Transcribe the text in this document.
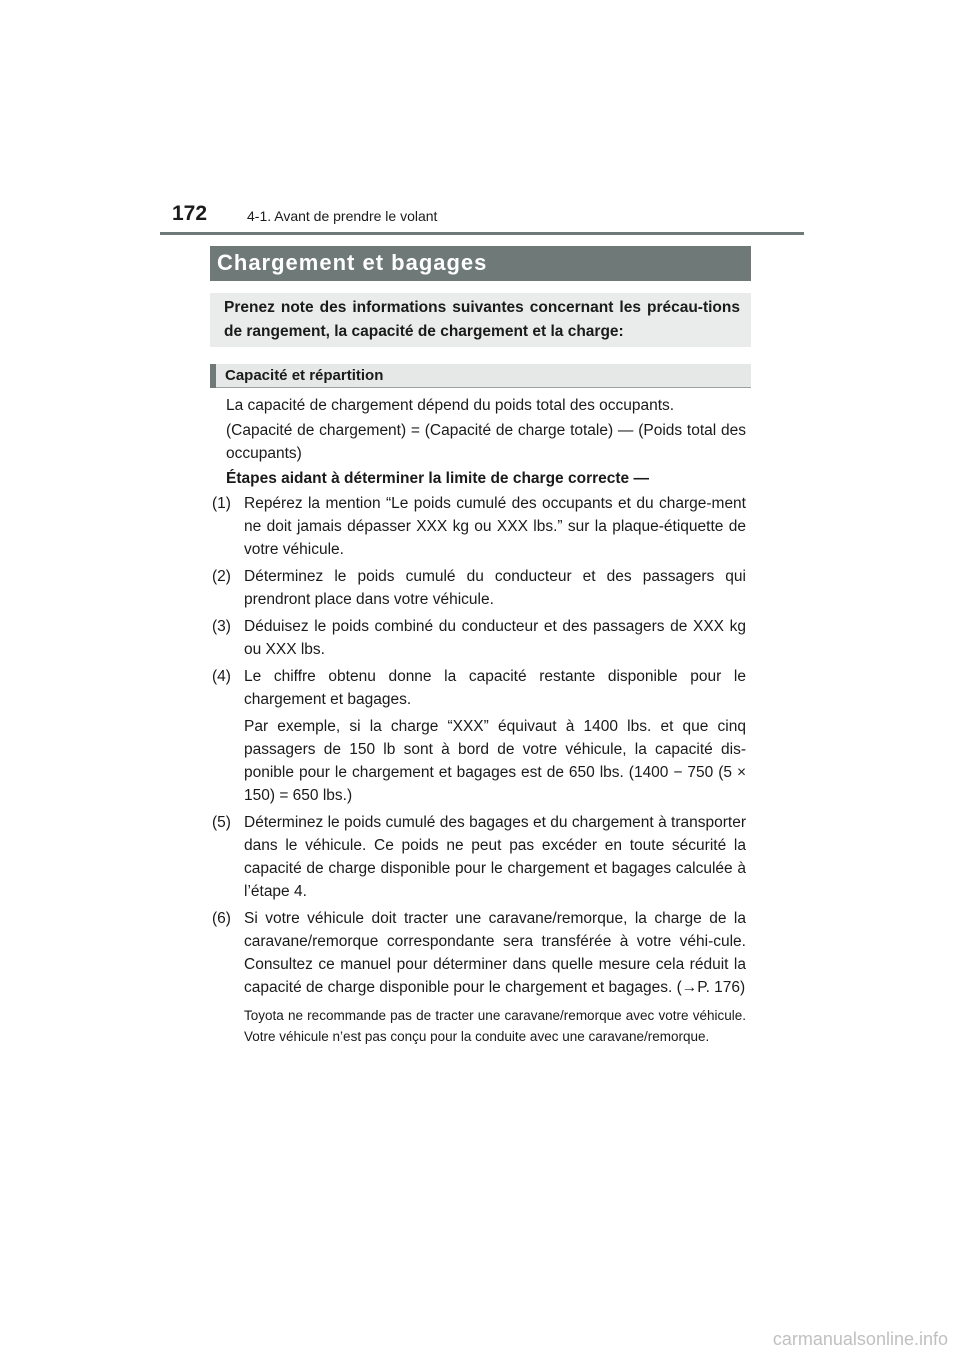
172	4-1. Avant de prendre le volant
Chargement et bagages
Prenez note des informations suivantes concernant les précau-tions de rangement, la capacité de chargement et la charge:
Capacité et répartition

La capacité de chargement dépend du poids total des occupants.

(Capacité de chargement) = (Capacité de charge totale) — (Poids total des occupants)

Étapes aidant à déterminer la limite de charge correcte —

(1) Repérez la mention “Le poids cumulé des occupants et du charge-ment ne doit jamais dépasser XXX kg ou XXX lbs.” sur la plaque-étiquette de votre véhicule.
(2) Déterminez le poids cumulé du conducteur et des passagers qui prendront place dans votre véhicule.
(3) Déduisez le poids combiné du conducteur et des passagers de XXX kg ou XXX lbs.
(4) Le chiffre obtenu donne la capacité restante disponible pour le chargement et bagages.

Par exemple, si la charge “XXX” équivaut à 1400 lbs. et que cinq passagers de 150 lb sont à bord de votre véhicule, la capacité dis-ponible pour le chargement et bagages est de 650 lbs. (1400 − 750 (5 × 150) = 650 lbs.)

(5) Déterminez le poids cumulé des bagages et du chargement à transporter dans le véhicule. Ce poids ne peut pas excéder en toute sécurité la capacité de charge disponible pour le chargement et bagages calculée à l’étape 4.
(6) Si votre véhicule doit tracter une caravane/remorque, la charge de la caravane/remorque correspondante sera transférée à votre véhi-cule. Consultez ce manuel pour déterminer dans quelle mesure cela réduit la capacité de charge disponible pour le chargement et bagages. (→P. 176)

Toyota ne recommande pas de tracter une caravane/remorque avec votre véhicule. Votre véhicule n’est pas conçu pour la conduite avec une caravane/remorque.

carmanualsonline.info
